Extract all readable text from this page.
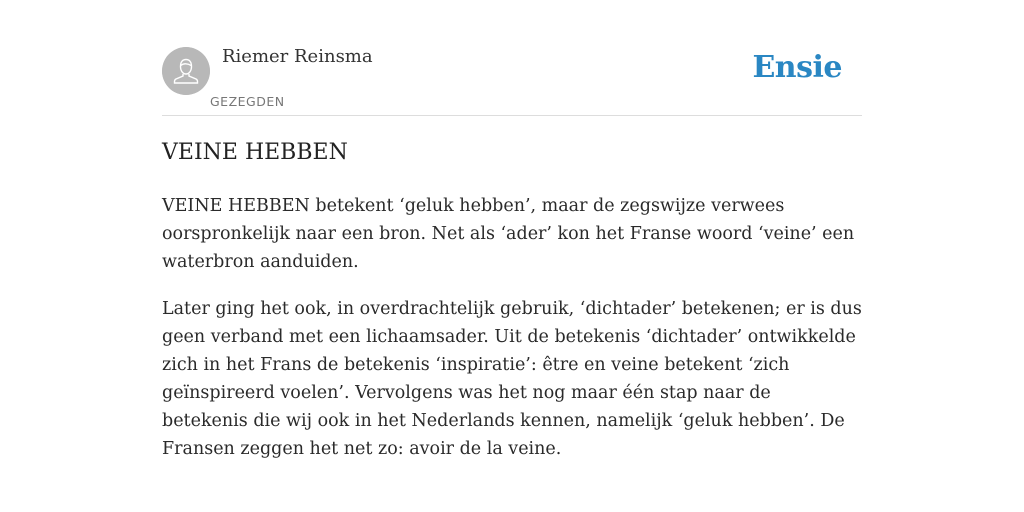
Riemer Reinsma
GEZEGDEN
Ensie
VEINE HEBBEN

VEINE HEBBEN betekent ‘geluk hebben’, maar de zegswijze verwees oorspronkelijk naar een bron. Net als ‘ader’ kon het Franse woord ‘veine’ een waterbron aanduiden.

Later ging het ook, in overdrachtelijk gebruik, ‘dichtader’ betekenen; er is dus geen verband met een lichaamsader. Uit de betekenis ‘dichtader’ ontwikkelde zich in het Frans de betekenis ‘inspiratie’: être en veine betekent ‘zich geïnspireerd voelen’. Vervolgens was het nog maar één stap naar de betekenis die wij ook in het Nederlands kennen, namelijk ‘geluk hebben’. De Fransen zeggen het net zo: avoir de la veine.
